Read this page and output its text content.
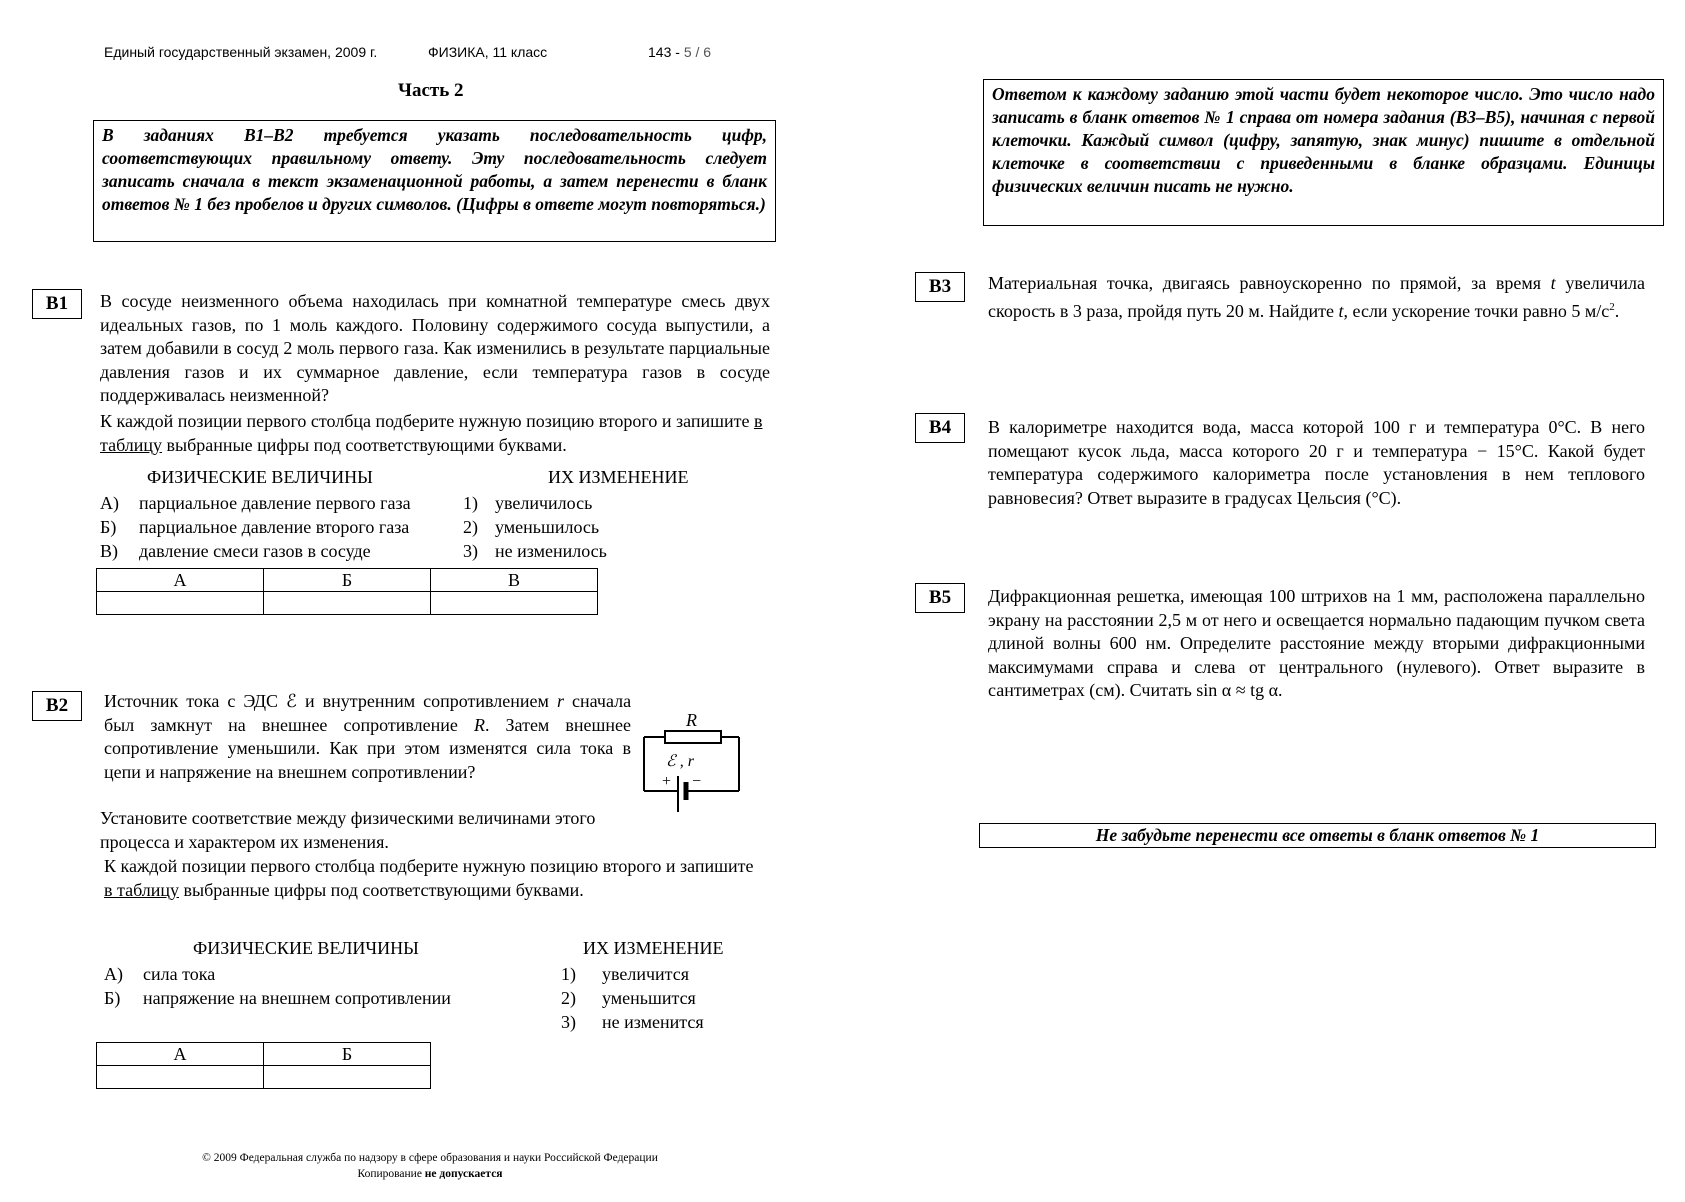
Единый государственный экзамен, 2009 г.	ФИЗИКА, 11 класс	143 - 5 / 6
Часть 2
В заданиях В1–В2 требуется указать последовательность цифр, соответствующих правильному ответу. Эту последовательность следует записать сначала в текст экзаменационной работы, а затем перенести в бланк ответов № 1 без пробелов и других символов. (Цифры в ответе могут повторяться.)
Ответом к каждому заданию этой части будет некоторое число. Это число надо записать в бланк ответов № 1 справа от номера задания (В3–В5), начиная с первой клеточки. Каждый символ (цифру, запятую, знак минус) пишите в отдельной клеточке в соответствии с приведенными в бланке образцами. Единицы физических величин писать не нужно.
B1	В сосуде неизменного объема находилась при комнатной температуре смесь двух идеальных газов, по 1 моль каждого. Половину содержимого сосуда выпустили, а затем добавили в сосуд 2 моль первого газа. Как изменились в результате парциальные давления газов и их суммарное давление, если температура газов в сосуде поддерживалась неизменной?
К каждой позиции первого столбца подберите нужную позицию второго и запишите в таблицу выбранные цифры под соответствующими буквами.
ФИЗИЧЕСКИЕ ВЕЛИЧИНЫ	ИХ ИЗМЕНЕНИЕ
А) парциальное давление первого газа
Б) парциальное давление второго газа
В) давление смеси газов в сосуде
1) увеличилось
2) уменьшилось
3) не изменилось
А	Б	В

B2	Источник тока с ЭДС ℰ и внутренним сопротивлением r сначала был замкнут на внешнее сопротивление R. Затем внешнее сопротивление уменьшили. Как при этом изменятся сила тока в цепи и напряжение на внешнем сопротивлении?
R
ℰ , r
+ −
Установите соответствие между физическими величинами этого процесса и характером их изменения.
К каждой позиции первого столбца подберите нужную позицию второго и запишите в таблицу выбранные цифры под соответствующими буквами.
ФИЗИЧЕСКИЕ ВЕЛИЧИНЫ	ИХ ИЗМЕНЕНИЕ
А) сила тока
Б) напряжение на внешнем сопротивлении
1) увеличится
2) уменьшится
3) не изменится
А	Б

B3	Материальная точка, двигаясь равноускоренно по прямой, за время t увеличила скорость в 3 раза, пройдя путь 20 м. Найдите t, если ускорение точки равно 5 $м/с^2$.
B4	В калориметре находится вода, масса которой 100 г и температура 0°С. В него помещают кусок льда, масса которого 20 г и температура − 15°С. Какой будет температура содержимого калориметра после установления в нем теплового равновесия? Ответ выразите в градусах Цельсия (°С).
B5	Дифракционная решетка, имеющая 100 штрихов на 1 мм, расположена параллельно экрану на расстоянии 2,5 м от него и освещается нормально падающим пучком света длиной волны 600 нм. Определите расстояние между вторыми дифракционными максимумами справа и слева от центрального (нулевого). Ответ выразите в сантиметрах (см). Считать sin α ≈ tg α.
Не забудьте перенести все ответы в бланк ответов № 1
© 2009 Федеральная служба по надзору в сфере образования и науки Российской Федерации
Копирование не допускается
